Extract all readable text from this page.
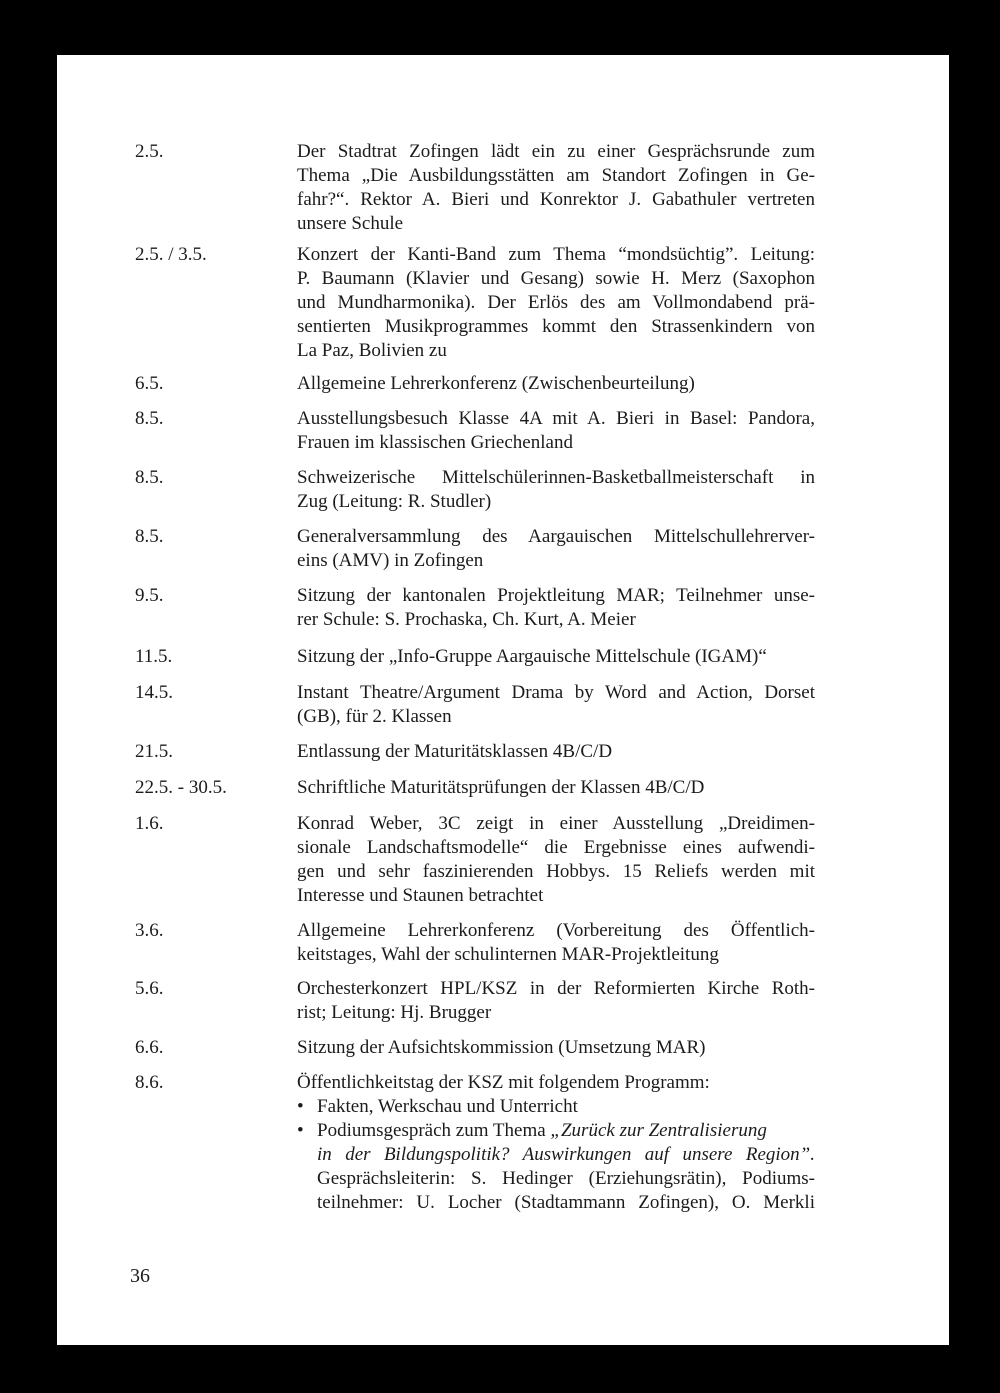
2.5.	Der Stadtrat Zofingen lädt ein zu einer Gesprächsrunde zum
Thema „Die Ausbildungsstätten am Standort Zofingen in Ge-
fahr?“. Rektor A. Bieri und Konrektor J. Gabathuler vertreten
unsere Schule
2.5. / 3.5.	Konzert der Kanti-Band zum Thema “mondsüchtig”. Leitung:
P. Baumann (Klavier und Gesang) sowie H. Merz (Saxophon
und Mundharmonika). Der Erlös des am Vollmondabend prä-
sentierten Musikprogrammes kommt den Strassenkindern von
La Paz, Bolivien zu
6.5.	Allgemeine Lehrerkonferenz (Zwischenbeurteilung)
8.5.	Ausstellungsbesuch Klasse 4A mit A. Bieri in Basel: Pandora,
Frauen im klassischen Griechenland
8.5.	Schweizerische Mittelschülerinnen-Basketballmeisterschaft in
Zug (Leitung: R. Studler)
8.5.	Generalversammlung des Aargauischen Mittelschullehrerver-
eins (AMV) in Zofingen
9.5.	Sitzung der kantonalen Projektleitung MAR; Teilnehmer unse-
rer Schule: S. Prochaska, Ch. Kurt, A. Meier
11.5.	Sitzung der „Info-Gruppe Aargauische Mittelschule (IGAM)“
14.5.	Instant Theatre/Argument Drama by Word and Action, Dorset
(GB), für 2. Klassen
21.5.	Entlassung der Maturitätsklassen 4B/C/D
22.5. - 30.5.	Schriftliche Maturitätsprüfungen der Klassen 4B/C/D
1.6.	Konrad Weber, 3C zeigt in einer Ausstellung „Dreidimen-
sionale Landschaftsmodelle“ die Ergebnisse eines aufwendi-
gen und sehr faszinierenden Hobbys. 15 Reliefs werden mit
Interesse und Staunen betrachtet
3.6.	Allgemeine Lehrerkonferenz (Vorbereitung des Öffentlich-
keitstages, Wahl der schulinternen MAR-Projektleitung
5.6.	Orchesterkonzert HPL/KSZ in der Reformierten Kirche Roth-
rist; Leitung: Hj. Brugger
6.6.	Sitzung der Aufsichtskommission (Umsetzung MAR)
8.6.	Öffentlichkeitstag der KSZ mit folgendem Programm:
• Fakten, Werkschau und Unterricht
• Podiumsgespräch zum Thema „Zurück zur Zentralisierung
in der Bildungspolitik? Auswirkungen auf unsere Region”.
Gesprächsleiterin: S. Hedinger (Erziehungsrätin), Podiums-
teilnehmer: U. Locher (Stadtammann Zofingen), O. Merkli
36
